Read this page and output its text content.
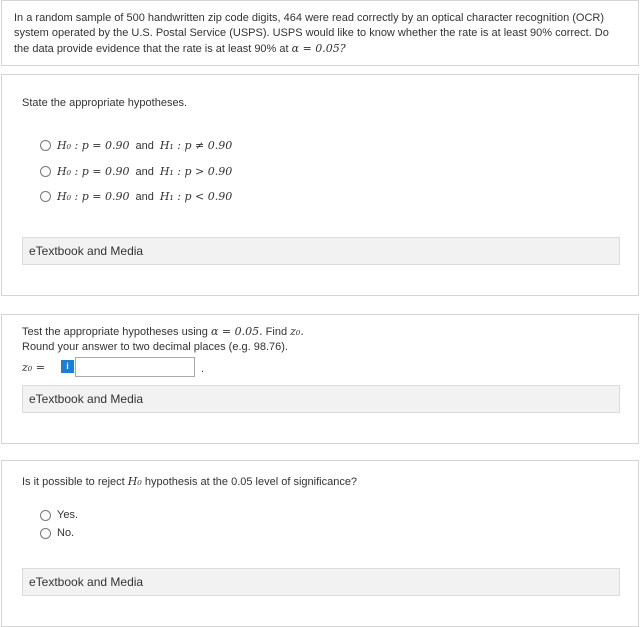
In a random sample of 500 handwritten zip code digits, 464 were read correctly by an optical character recognition (OCR) system operated by the U.S. Postal Service (USPS). USPS would like to know whether the rate is at least 90% correct. Do the data provide evidence that the rate is at least 90% at α = 0.05?
State the appropriate hypotheses.
H₀ : p = 0.90 and H₁ : p ≠ 0.90
H₀ : p = 0.90 and H₁ : p > 0.90
H₀ : p = 0.90 and H₁ : p < 0.90
eTextbook and Media
Test the appropriate hypotheses using α = 0.05. Find z₀.
Round your answer to two decimal places (e.g. 98.76).
z₀ =	i	.
eTextbook and Media
Is it possible to reject H₀ hypothesis at the 0.05 level of significance?
Yes.
No.
eTextbook and Media
